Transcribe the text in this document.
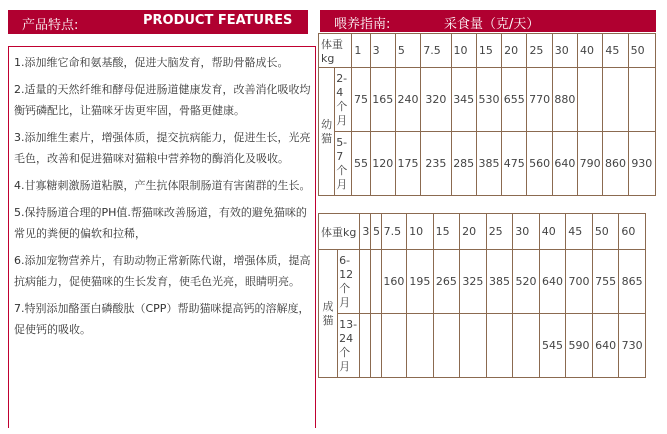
产品特点:	PRODUCT FEATURES

1.添加维它命和氨基酸，促进大脑发育，帮助骨骼成长。

2.适量的天然纤维和酵母促进肠道健康发育，改善消化吸收均衡钙磷配比，让猫咪牙齿更牢固，骨骼更健康。

3.添加维生素片，增强体质，提交抗病能力，促进生长，光亮毛色，改善和促进猫咪对猫粮中营养物的酶消化及吸收。

4.甘寡糖刺激肠道粘膜，产生抗体限制肠道有害菌群的生长。

5.保持肠道合理的PH值.帮猫咪改善肠道，有效的避免猫咪的常见的粪便的偏软和拉稀，

6.添加宠物营养片，有助动物正常新陈代谢，增强体质，提高抗病能力，促使猫咪的生长发育，使毛色光亮，眼睛明亮。

7.特别添加酪蛋白磷酸肽（CPP）帮助猫咪提高钙的溶解度，促使钙的吸收。

喂养指南:	采食量（克/天）
体重kg		1	3	5	7.5	10	15	20	25	30	40	45	50
幼猫	2-4个月	75	165	240	320	345	530	655	770	880			
	5-7个月	55	120	175	235	285	385	475	560	640	790	860	930
体重kg		3	5	7.5	10	15	20	25	30	40	45	50	60
成猫	6-12个月			160	195	265	325	385	520	640	700	755	865
	13-24个月									545	590	640	730
